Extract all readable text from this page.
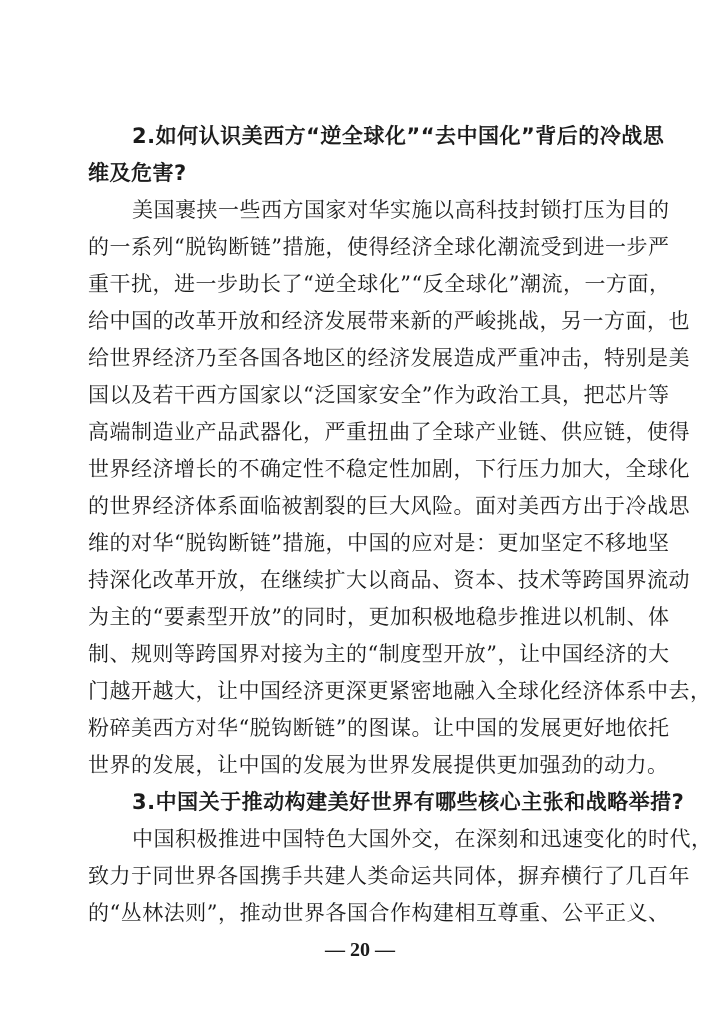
2.如何认识美西方“逆全球化”“去中国化”背后的冷战思
维及危害?
美国裹挟一些西方国家对华实施以高科技封锁打压为目的
的一系列“脱钩断链”措施，使得经济全球化潮流受到进一步严
重干扰，进一步助长了“逆全球化”“反全球化”潮流，一方面，
给中国的改革开放和经济发展带来新的严峻挑战，另一方面，也
给世界经济乃至各国各地区的经济发展造成严重冲击，特别是美
国以及若干西方国家以“泛国家安全”作为政治工具，把芯片等
高端制造业产品武器化，严重扭曲了全球产业链、供应链，使得
世界经济增长的不确定性不稳定性加剧，下行压力加大，全球化
的世界经济体系面临被割裂的巨大风险。面对美西方出于冷战思
维的对华“脱钩断链”措施，中国的应对是：更加坚定不移地坚
持深化改革开放，在继续扩大以商品、资本、技术等跨国界流动
为主的“要素型开放”的同时，更加积极地稳步推进以机制、体
制、规则等跨国界对接为主的“制度型开放”，让中国经济的大
门越开越大，让中国经济更深更紧密地融入全球化经济体系中去，
粉碎美西方对华“脱钩断链”的图谋。让中国的发展更好地依托
世界的发展，让中国的发展为世界发展提供更加强劲的动力。
3.中国关于推动构建美好世界有哪些核心主张和战略举措?
中国积极推进中国特色大国外交，在深刻和迅速变化的时代，
致力于同世界各国携手共建人类命运共同体，摒弃横行了几百年
的“丛林法则”，推动世界各国合作构建相互尊重、公平正义、
— 20 —
